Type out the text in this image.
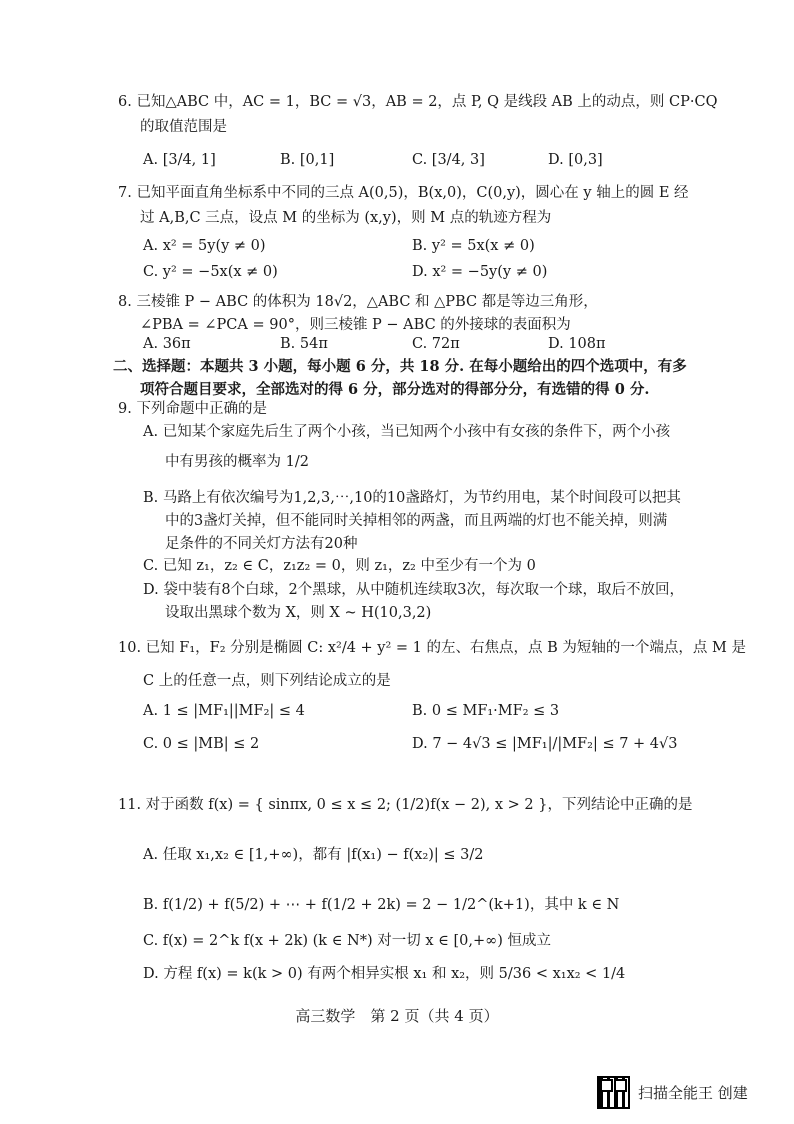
6. 已知△ABC 中，AC = 1，BC = √3，AB = 2，点 P, Q 是线段 AB 上的动点，则 CP·CQ
的取值范围是
A. [3/4, 1]	B. [0,1]	C. [3/4, 3]	D. [0,3]
7. 已知平面直角坐标系中不同的三点 A(0,5)，B(x,0)，C(0,y)，圆心在 y 轴上的圆 E 经
过 A,B,C 三点，设点 M 的坐标为 (x,y)，则 M 点的轨迹方程为
A. x² = 5y(y ≠ 0)	B. y² = 5x(x ≠ 0)
C. y² = −5x(x ≠ 0)	D. x² = −5y(y ≠ 0)
8. 三棱锥 P − ABC 的体积为 18√2，△ABC 和 △PBC 都是等边三角形，
∠PBA = ∠PCA = 90°，则三棱锥 P − ABC 的外接球的表面积为
A. 36π	B. 54π	C. 72π	D. 108π
二、选择题：本题共 3 小题，每小题 6 分，共 18 分. 在每小题给出的四个选项中，有多
项符合题目要求，全部选对的得 6 分，部分选对的得部分分，有选错的得 0 分.
9. 下列命题中正确的是
A. 已知某个家庭先后生了两个小孩，当已知两个小孩中有女孩的条件下，两个小孩
中有男孩的概率为 1/2
B. 马路上有依次编号为1,2,3,⋯,10的10盏路灯，为节约用电，某个时间段可以把其
中的3盏灯关掉，但不能同时关掉相邻的两盏，而且两端的灯也不能关掉，则满
足条件的不同关灯方法有20种
C. 已知 z₁，z₂ ∈ C，z₁z₂ = 0，则 z₁，z₂ 中至少有一个为 0
D. 袋中装有8个白球，2个黑球，从中随机连续取3次，每次取一个球，取后不放回，
设取出黑球个数为 X，则 X ~ H(10,3,2)
10. 已知 F₁，F₂ 分别是椭圆 C: x²/4 + y² = 1 的左、右焦点，点 B 为短轴的一个端点，点 M 是
C 上的任意一点，则下列结论成立的是
A. 1 ≤ |MF₁||MF₂| ≤ 4	B. 0 ≤ MF₁·MF₂ ≤ 3
C. 0 ≤ |MB| ≤ 2	D. 7 − 4√3 ≤ |MF₁|/|MF₂| ≤ 7 + 4√3
11. 对于函数 f(x) = { sinπx, 0 ≤ x ≤ 2; (1/2)f(x − 2), x > 2 }，下列结论中正确的是
A. 任取 x₁,x₂ ∈ [1,+∞)，都有 |f(x₁) − f(x₂)| ≤ 3/2
B. f(1/2) + f(5/2) + ⋯ + f(1/2 + 2k) = 2 − 1/2^(k+1)，其中 k ∈ N
C. f(x) = 2^k f(x + 2k) (k ∈ N*) 对一切 x ∈ [0,+∞) 恒成立
D. 方程 f(x) = k(k > 0) 有两个相异实根 x₁ 和 x₂，则 5/36 < x₁x₂ < 1/4
高三数学　第 2 页（共 4 页）
扫描全能王 创建
